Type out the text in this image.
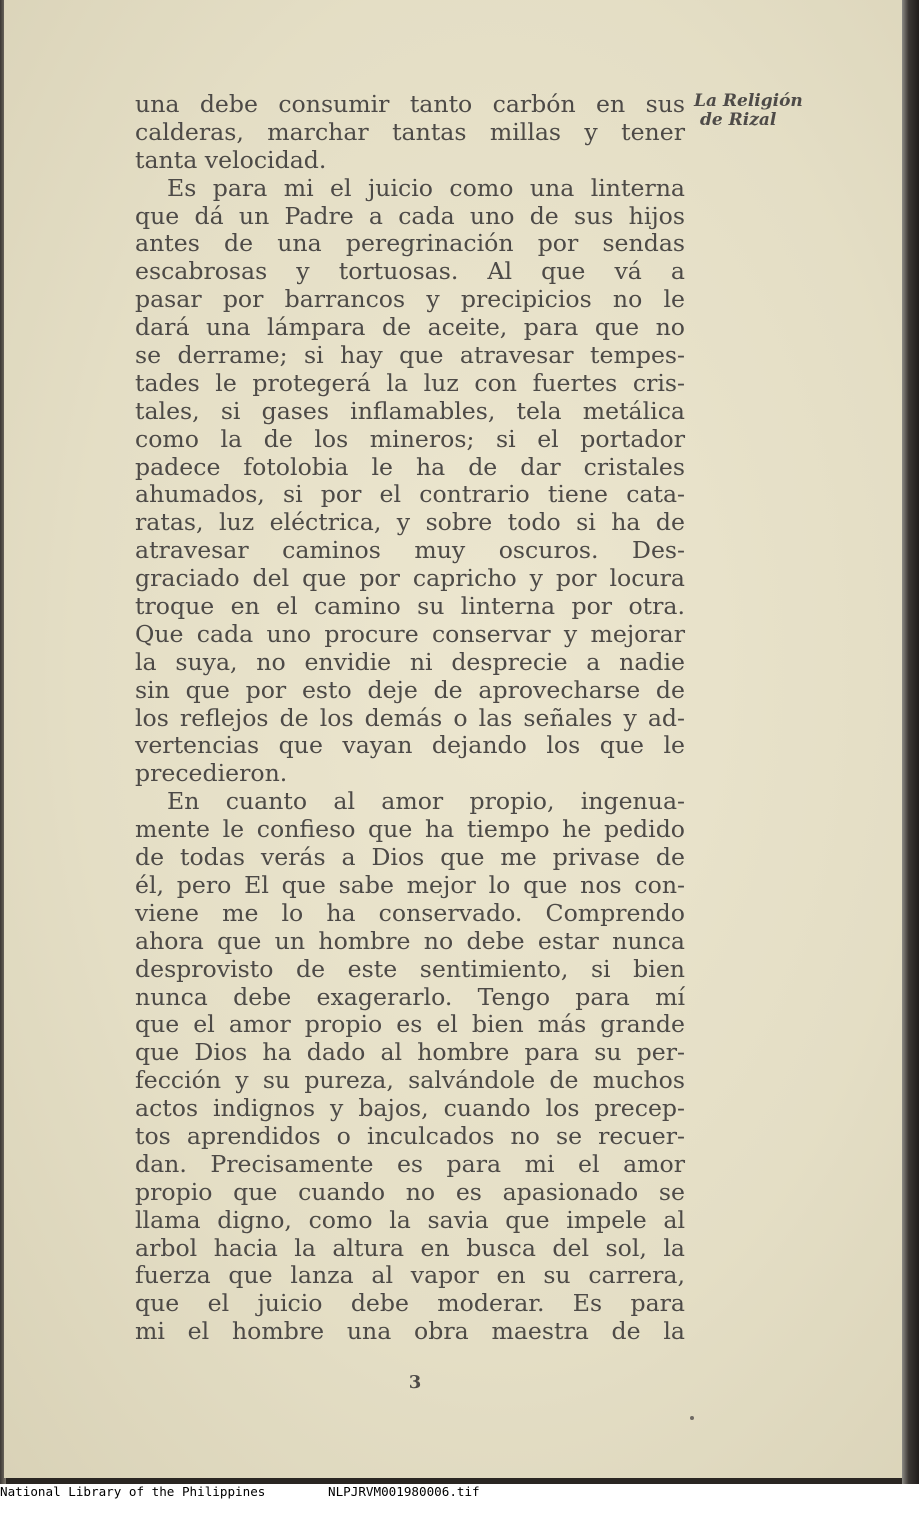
La Religión
de Rizal
una debe consumir tanto carbón en sus
calderas, marchar tantas millas y tener
tanta velocidad.
Es para mi el juicio como una linterna
que dá un Padre a cada uno de sus hijos
antes de una peregrinación por sendas
escabrosas y tortuosas. Al que vá a
pasar por barrancos y precipicios no le
dará una lámpara de aceite, para que no
se derrame; si hay que atravesar tempes-
tades le protegerá la luz con fuertes cris-
tales, si gases inflamables, tela metálica
como la de los mineros; si el portador
padece fotolobia le ha de dar cristales
ahumados, si por el contrario tiene cata-
ratas, luz eléctrica, y sobre todo si ha de
atravesar caminos muy oscuros. Des-
graciado del que por capricho y por locura
troque en el camino su linterna por otra.
Que cada uno procure conservar y mejorar
la suya, no envidie ni desprecie a nadie
sin que por esto deje de aprovecharse de
los reflejos de los demás o las señales y ad-
vertencias que vayan dejando los que le
precedieron.
En cuanto al amor propio, ingenua-
mente le confieso que ha tiempo he pedido
de todas verás a Dios que me privase de
él, pero El que sabe mejor lo que nos con-
viene me lo ha conservado. Comprendo
ahora que un hombre no debe estar nunca
desprovisto de este sentimiento, si bien
nunca debe exagerarlo. Tengo para mí
que el amor propio es el bien más grande
que Dios ha dado al hombre para su per-
fección y su pureza, salvándole de muchos
actos indignos y bajos, cuando los precep-
tos aprendidos o inculcados no se recuer-
dan. Precisamente es para mi el amor
propio que cuando no es apasionado se
llama digno, como la savia que impele al
arbol hacia la altura en busca del sol, la
fuerza que lanza al vapor en su carrera,
que el juicio debe moderar. Es para
mi el hombre una obra maestra de la
3

National Library of the Philippines

	NLPJRVM001980006.tif
